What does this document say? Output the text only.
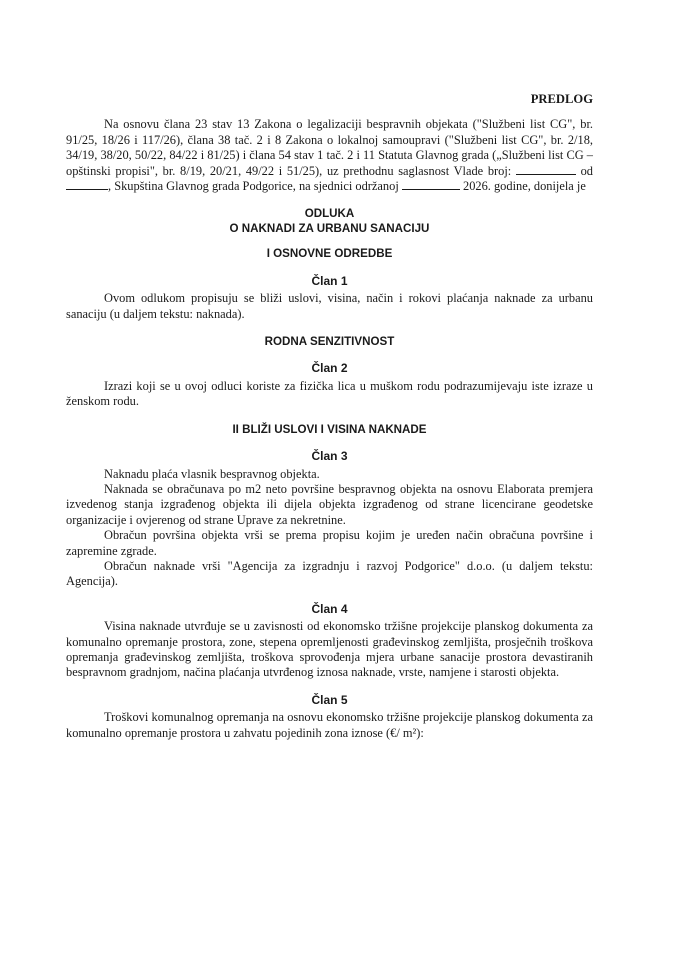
PREDLOG

Na osnovu člana 23 stav 13 Zakona o legalizaciji bespravnih objekata ("Službeni list CG", br. 91/25, 18/26 i 117/26), člana 38 tač. 2 i 8 Zakona o lokalnoj samoupravi ("Službeni list CG", br. 2/18, 34/19, 38/20, 50/22, 84/22 i 81/25) i člana 54 stav 1 tač. 2 i 11 Statuta Glavnog grada („Službeni list CG – opštinski propisi", br. 8/19, 20/21, 49/22 i 51/25), uz prethodnu saglasnost Vlade broj:	od , Skupština Glavnog grada Podgorice, na sjednici održanoj	2026. godine, donijela je

ODLUKA
O NAKNADI ZA URBANU SANACIJU
I OSNOVNE ODREDBE
Član 1

Ovom odlukom propisuju se bliži uslovi, visina, način i rokovi plaćanja naknade za urbanu sanaciju (u daljem tekstu: naknada).

RODNA SENZITIVNOST
Član 2

Izrazi koji se u ovoj odluci koriste za fizička lica u muškom rodu podrazumijevaju iste izraze u ženskom rodu.

II BLIŽI USLOVI I VISINA NAKNADE
Član 3

Naknadu plaća vlasnik bespravnog objekta.

Naknada se obračunava po m2 neto površine bespravnog objekta na osnovu Elaborata premjera izvedenog stanja izgrađenog objekta ili dijela objekta izgrađenog od strane licencirane geodetske organizacije i ovjerenog od strane Uprave za nekretnine.

Obračun površina objekta vrši se prema propisu kojim je uređen način obračuna površine i zapremine zgrade.

Obračun naknade vrši "Agencija za izgradnju i razvoj Podgorice" d.o.o. (u daljem tekstu: Agencija).

Član 4

Visina naknade utvrđuje se u zavisnosti od ekonomsko tržišne projekcije planskog dokumenta za komunalno opremanje prostora, zone, stepena opremljenosti građevinskog zemljišta, prosječnih troškova opremanja građevinskog zemljišta, troškova sprovođenja mjera urbane sanacije prostora devastiranih bespravnom gradnjom, načina plaćanja utvrđenog iznosa naknade, vrste, namjene i starosti objekta.

Član 5

Troškovi komunalnog opremanja na osnovu ekonomsko tržišne projekcije planskog dokumenta za komunalno opremanje prostora u zahvatu pojedinih zona iznose (€/ m²):
